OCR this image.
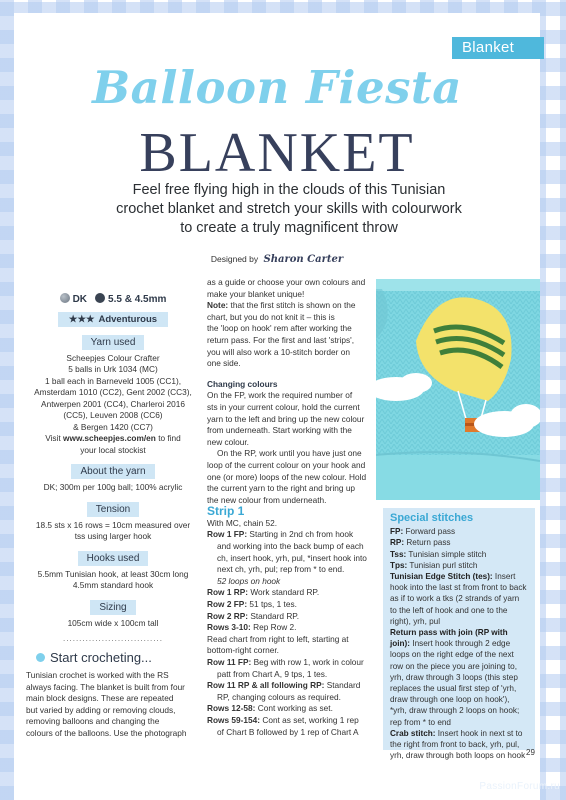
Blanket
Balloon Fiesta
BLANKET
Feel free flying high in the clouds of this Tunisian crochet blanket and stretch your skills with colourwork to create a truly magnificent throw
Designed by Sharon Carter
DK 5.5 & 4.5mm
★★★ Adventurous
Yarn used

Scheepjes Colour Crafter

5 balls in Urk 1034 (MC)

1 ball each in Barneveld 1005 (CC1),

Amsterdam 1010 (CC2), Gent 2002 (CC3),

Antwerpen 2001 (CC4), Charleroi 2016

(CC5), Leuven 2008 (CC6)

& Bergen 1420 (CC7)

Visit www.scheepjes.com/en to find

your local stockist

About the yarn

DK; 300m per 100g ball; 100% acrylic

Tension

18.5 sts x 16 rows = 10cm measured over

tss using larger hook

Hooks used

5.5mm Tunisian hook, at least 30cm long

4.5mm standard hook

Sizing

105cm wide x 100cm tall

...............................
Start crocheting...

Tunisian crochet is worked with the RS

always facing. The blanket is built from four

main block designs. These are repeated

but varied by adding or removing clouds,

removing balloons and changing the

colours of the balloons. Use the photograph

as a guide or choose your own colours and

make your blanket unique!

Note: that the first stitch is shown on the

chart, but you do not knit it – this is

the 'loop on hook' rem after working the

return pass. For the first and last 'strips',

you will also work a 10-stitch border on

one side.

Changing colours

On the FP, work the required number of

sts in your current colour, hold the current

yarn to the left and bring up the new colour

from underneath. Start working with the

new colour.

On the RP, work until you have just one

loop of the current colour on your hook and

one (or more) loops of the new colour. Hold

the current yarn to the right and bring up

the new colour from underneath.

Strip 1

With MC, chain 52.

Row 1 FP: Starting in 2nd ch from hook

and working into the back bump of each

ch, insert hook, yrh, pul, *insert hook into

next ch, yrh, pul; rep from * to end.

52 loops on hook

Row 1 RP: Work standard RP.

Row 2 FP: 51 tps, 1 tes.

Row 2 RP: Standard RP.

Rows 3-10: Rep Row 2.

Read chart from right to left, starting at

bottom-right corner.

Row 11 FP: Beg with row 1, work in colour

patt from Chart A, 9 tps, 1 tes.

Row 11 RP & all following RP: Standard

RP, changing colours as required.

Rows 12-58: Cont working as set.

Rows 59-154: Cont as set, working 1 rep

of Chart B followed by 1 rep of Chart A

Special stitches

FP: Forward pass

RP: Return pass

Tss: Tunisian simple stitch

Tps: Tunisian purl stitch

Tunisian Edge Stitch (tes): Insert hook into the last st from front to back as if to work a tks (2 strands of yarn to the left of hook and one to the right), yrh, pul

Return pass with join (RP with join): Insert hook through 2 edge loops on the right edge of the next row on the piece you are joining to, yrh, draw through 3 loops (this step replaces the usual first step of 'yrh, draw through one loop on hook'), *yrh, draw through 2 loops on hook; rep from * to end

Crab stitch: Insert hook in next st to the right from front to back, yrh, pul, yrh, draw through both loops on hook 29
PassionForum.ru
